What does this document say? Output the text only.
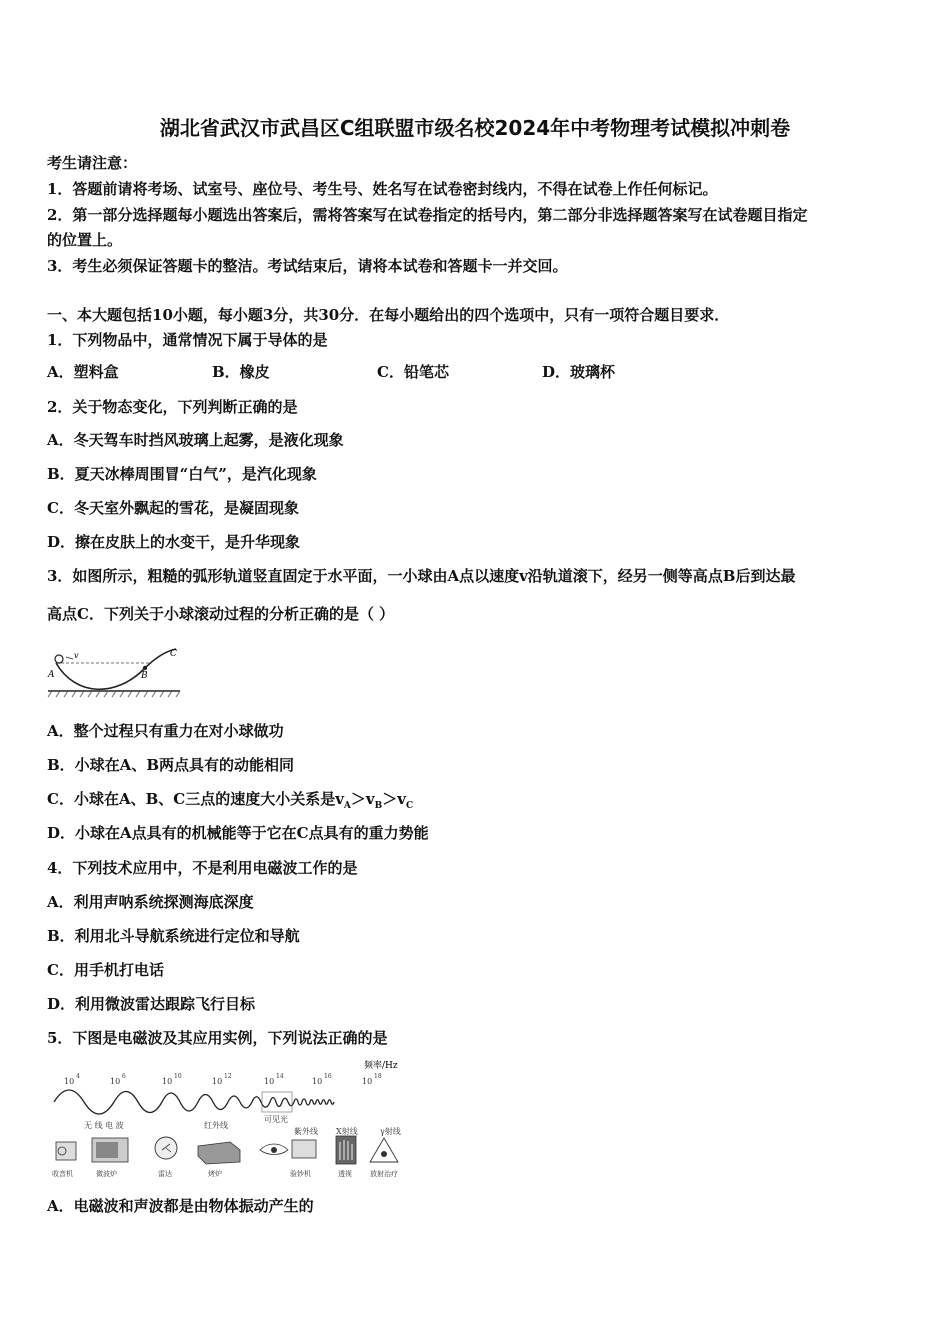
湖北省武汉市武昌区C组联盟市级名校2024年中考物理考试模拟冲刺卷
考生请注意：
1．答题前请将考场、试室号、座位号、考生号、姓名写在试卷密封线内，不得在试卷上作任何标记。
2．第一部分选择题每小题选出答案后，需将答案写在试卷指定的括号内，第二部分非选择题答案写在试卷题目指定
的位置上。
3．考生必须保证答题卡的整洁。考试结束后，请将本试卷和答题卡一并交回。
一、本大题包括10小题，每小题3分，共30分．在每小题给出的四个选项中，只有一项符合题目要求．
1．下列物品中，通常情况下属于导体的是
A．塑料盒	B．橡皮	C．铅笔芯	D．玻璃杯
2．关于物态变化，下列判断正确的是
A．冬天驾车时挡风玻璃上起雾，是液化现象
B．夏天冰棒周围冒“白气”，是汽化现象
C．冬天室外飘起的雪花，是凝固现象
D．擦在皮肤上的水变干，是升华现象
3．如图所示，粗糙的弧形轨道竖直固定于水平面，一小球由A点以速度v沿轨道滚下，经另一侧等高点B后到达最
高点C．下列关于小球滚动过程的分析正确的是（ ）
A
v
B
C
A．整个过程只有重力在对小球做功
B．小球在A、B两点具有的动能相同
C．小球在A、B、C三点的速度大小关系是$v_A>v_B>v_C$
D．小球在A点具有的机械能等于它在C点具有的重力势能
4．下列技术应用中，不是利用电磁波工作的是
A．利用声呐系统探测海底深度
B．利用北斗导航系统进行定位和导航
C．用手机打电话
D．利用微波雷达跟踪飞行目标
5．下图是电磁波及其应用实例，下列说法正确的是
频率/Hz
10
4
10
6
10
10
10
12
10
14
10
16
10
18
无 线 电 波	红外线
可见光
紫外线 X射线	γ射线
收音机	微波炉	雷达	烤炉	验钞机	透视	放射治疗
A．电磁波和声波都是由物体振动产生的
